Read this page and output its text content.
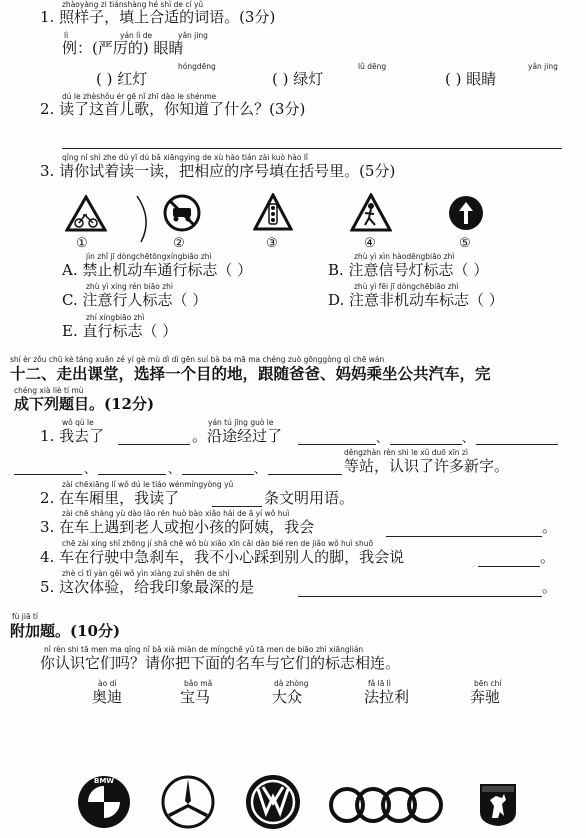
zhàoyàng zi tiánshàng hé shì de cí yǔ
1. 照样子，填上合适的词语。(3分)
lì	yán lì de	yǎn jing
例：(严厉的) 眼睛
hóngdēng	lǜ dēng	yǎn jing
( ) 红灯	( ) 绿灯	( ) 眼睛
dú le zhèshǒu ér gē nǐ zhī dào le shénme
2. 读了这首儿歌，你知道了什么？(3分)
qǐng nǐ shì zhe dú yī dú bǎ xiāngyìng de xù hào tián zài kuò hào lǐ
3. 请你试着读一读，把相应的序号填在括号里。(5分)
①	②	③	④	⑤
jìn zhǐ jī dòngchētōngxíngbiāo zhì
A. 禁止机动车通行标志（ ）
zhù yì xìn hàodēngbiāo zhì
B. 注意信号灯标志（ ）
zhù yì xíng rén biāo zhì
C. 注意行人标志（ ）
zhù yì fēi jī dòngchēbiāo zhì
D. 注意非机动车标志（ ）
zhí xíngbiāo zhì
E. 直行标志（ ）
shí èr zǒu chū kè táng xuǎn zé yí gè mù dì dì gēn suí bà ba mā ma chéng zuò gōnggòng qì chē wán
十二、走出课堂，选择一个目的地，跟随爸爸、妈妈乘坐公共汽车，完
chéng xià liè tí mù
成下列题目。(12分)
wǒ qù le	yán tú jīng guò le
1. 我去了	。沿途经过了	、	、
děngzhàn rèn shi le xǔ duō xīn zì
、	、	、	等站，认识了许多新字。
zài chēxiāng lǐ wǒ dú le tiáo wénmíngyòng yǔ
2. 在车厢里，我读了	条文明用语。
zài chē shàng yù dào lǎo rén huò bào xiǎo hái de ā yí wǒ huì
3. 在车上遇到老人或抱小孩的阿姨，我会	。
chē zài xíng shǐ zhōng jí shā chē wǒ bù xiǎo xīn cǎi dào bié ren de jiǎo wǒ huì shuō
4. 车在行驶中急刹车，我不小心踩到别人的脚，我会说	。
zhè cì tǐ yàn gěi wǒ yìn xiàng zuì shēn de shì
5. 这次体验，给我印象最深的是	。
fù jiā tí
附加题。(10分)
nǐ rèn shi tā men ma qǐng nǐ bǎ xià miàn de míngchē yǔ tā men de biāo zhì xiānglián
你认识它们吗？请你把下面的名车与它们的标志相连。
ào dí
奥迪
bǎo mǎ
宝马
dà zhòng
大众
fǎ lā lì
法拉利
bēn chí
奔驰
BMW
